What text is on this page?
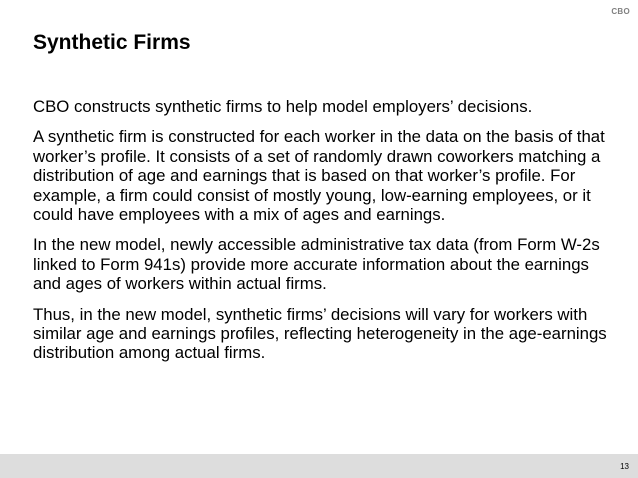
CBO
Synthetic Firms

CBO constructs synthetic firms to help model employers’ decisions.

A synthetic firm is constructed for each worker in the data on the basis of that worker’s profile. It consists of a set of randomly drawn coworkers matching a distribution of age and earnings that is based on that worker’s profile. For example, a firm could consist of mostly young, low-earning employees, or it could have employees with a mix of ages and earnings.

In the new model, newly accessible administrative tax data (from Form W-2s linked to Form 941s) provide more accurate information about the earnings and ages of workers within actual firms.

Thus, in the new model, synthetic firms’ decisions will vary for workers with similar age and earnings profiles, reflecting heterogeneity in the age-earnings distribution among actual firms.

13
